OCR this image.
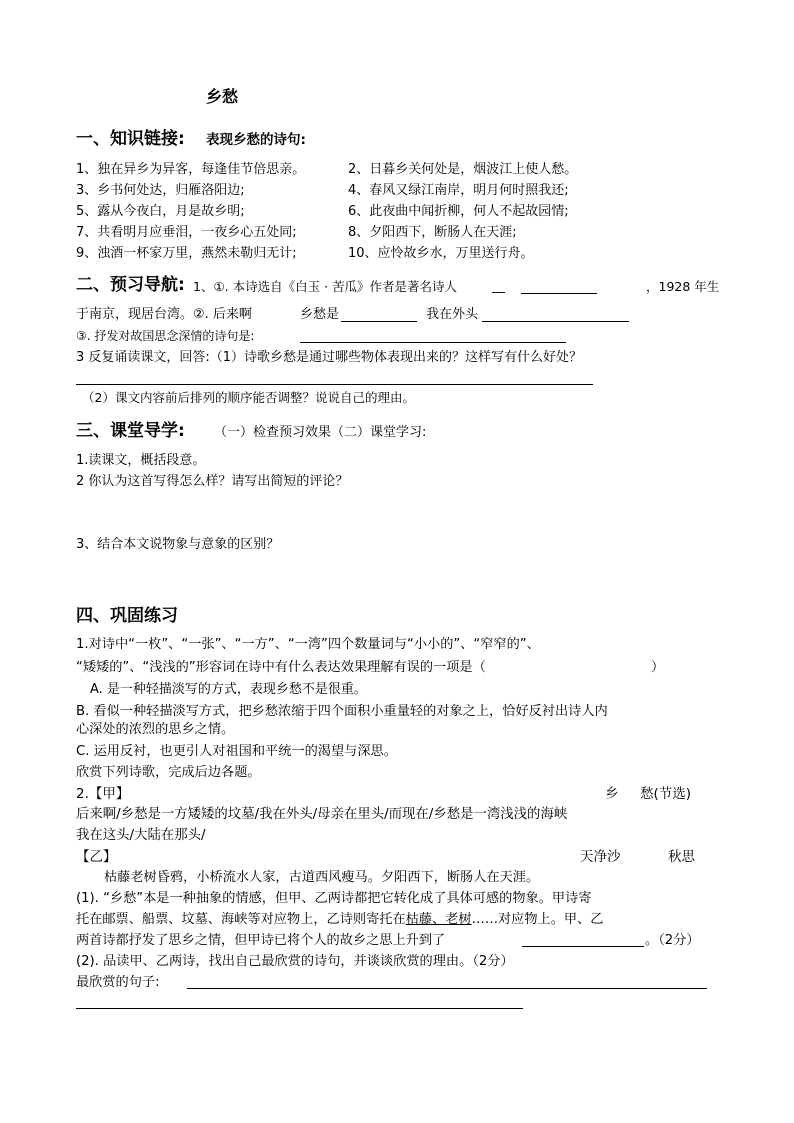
乡愁
一、知识链接: 表现乡愁的诗句:
1、独在异乡为异客，每逢佳节倍思亲。	2、日暮乡关何处是，烟波江上使人愁。
3、乡书何处达，归雁洛阳边;	4、春风又绿江南岸，明月何时照我还;
5、露从今夜白，月是故乡明;	6、此夜曲中闻折柳，何人不起故园情;
7、共看明月应垂泪，一夜乡心五处同;	8、夕阳西下，断肠人在天涯;
9、浊酒一杯家万里，燕然未勒归无计;	10、应怜故乡水，万里送行舟。
二、预习导航: 1、①. 本诗选自《白玉 · 苦瓜》作者是著名诗人	__	，1928 年生
于南京，现居台湾。②. 后来啊	乡愁是	我在外头
③. 抒发对故国思念深情的诗句是:
3 反复诵读课文，回答:（1）诗歌乡愁是通过哪些物体表现出来的？这样写有什么好处？
（2）课文内容前后排列的顺序能否调整？说说自己的理由。
三、课堂导学: （一）检查预习效果（二）课堂学习:
1.读课文，概括段意。
2 你认为这首写得怎么样？请写出简短的评论？
3、结合本文说物象与意象的区别？
四、巩固练习
1.对诗中“一枚”、“一张”、“一方”、“一湾”四个数量词与“小小的”、“窄窄的”、
“矮矮的”、“浅浅的”形容词在诗中有什么表达效果理解有误的一项是（	）
A. 是一种轻描淡写的方式，表现乡愁不是很重。
B. 看似一种轻描淡写方式，把乡愁浓缩于四个面积小重量轻的对象之上，恰好反衬出诗人内
心深处的浓烈的思乡之情。
C. 运用反衬，也更引人对祖国和平统一的渴望与深思。
欣赏下列诗歌，完成后边各题。
2.【甲】	乡 愁(节选)
后来啊/乡愁是一方矮矮的坟墓/我在外头/母亲在里头/而现在/乡愁是一湾浅浅的海峡
我在这头/大陆在那头/
【乙】	天净沙	秋思
枯藤老树昏鸦，小桥流水人家，古道西风瘦马。夕阳西下，断肠人在天涯。
(1). “乡愁”本是一种抽象的情感，但甲、乙两诗都把它转化成了具体可感的物象。甲诗寄
托在邮票、船票、坟墓、海峡等对应物上，乙诗则寄托在枯藤、老树……对应物上。甲、乙
两首诗都抒发了思乡之情，但甲诗已将个人的故乡之思上升到了	。（2分）
(2). 品读甲、乙两诗，找出自己最欣赏的诗句，并谈谈欣赏的理由。（2分）
最欣赏的句子:
